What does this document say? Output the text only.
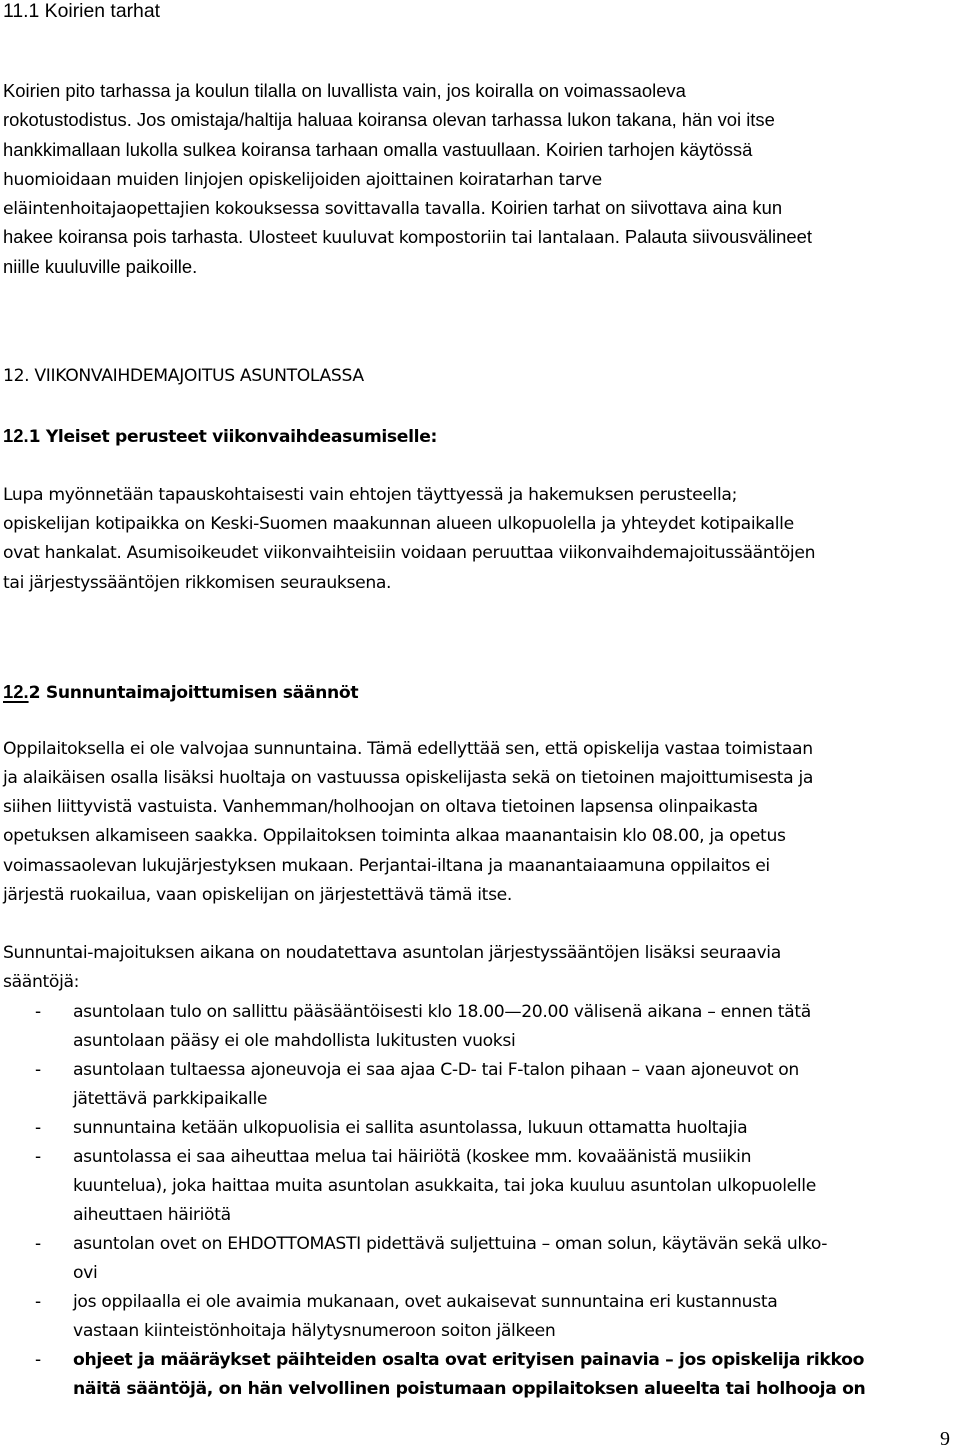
11.1 Koirien tarhat
Koirien pito tarhassa ja koulun tilalla on luvallista vain, jos koiralla on voimassaoleva
rokotustodistus. Jos omistaja/haltija haluaa koiransa olevan tarhassa lukon takana, hän voi itse
hankkimallaan lukolla sulkea koiransa tarhaan omalla vastuullaan. Koirien tarhojen käytössä
huomioidaan muiden linjojen opiskelijoiden ajoittainen koiratarhan tarve
eläintenhoitajaopettajien kokouksessa sovittavalla tavalla. Koirien tarhat on siivottava aina kun
hakee koiransa pois tarhasta. Ulosteet kuuluvat kompostoriin tai lantalaan. Palauta siivousvälineet
niille kuuluville paikoille.
12. VIIKONVAIHDEMAJOITUS ASUNTOLASSA
12.1 Yleiset perusteet viikonvaihdeasumiselle:
Lupa myönnetään tapauskohtaisesti vain ehtojen täyttyessä ja hakemuksen perusteella;
opiskelijan kotipaikka on Keski-Suomen maakunnan alueen ulkopuolella ja yhteydet kotipaikalle
ovat hankalat. Asumisoikeudet viikonvaihteisiin voidaan peruuttaa viikonvaihdemajoitussääntöjen
tai järjestyssääntöjen rikkomisen seurauksena.
12.2 Sunnuntaimajoittumisen säännöt
Oppilaitoksella ei ole valvojaa sunnuntaina. Tämä edellyttää sen, että opiskelija vastaa toimistaan
ja alaikäisen osalla lisäksi huoltaja on vastuussa opiskelijasta sekä on tietoinen majoittumisesta ja
siihen liittyvistä vastuista. Vanhemman/holhoojan on oltava tietoinen lapsensa olinpaikasta
opetuksen alkamiseen saakka. Oppilaitoksen toiminta alkaa maanantaisin klo 08.00, ja opetus
voimassaolevan lukujärjestyksen mukaan. Perjantai-iltana ja maanantaiaamuna oppilaitos ei
järjestä ruokailua, vaan opiskelijan on järjestettävä tämä itse.
Sunnuntai-majoituksen aikana on noudatettava asuntolan järjestyssääntöjen lisäksi seuraavia
sääntöjä:
- asuntolaan tulo on sallittu pääsääntöisesti klo 18.00—20.00 välisenä aikana – ennen tätä
asuntolaan pääsy ei ole mahdollista lukitusten vuoksi
- asuntolaan tultaessa ajoneuvoja ei saa ajaa C-D- tai F-talon pihaan – vaan ajoneuvot on
jätettävä parkkipaikalle
- sunnuntaina ketään ulkopuolisia ei sallita asuntolassa, lukuun ottamatta huoltajia
- asuntolassa ei saa aiheuttaa melua tai häiriötä (koskee mm. kovaäänistä musiikin
kuuntelua), joka haittaa muita asuntolan asukkaita, tai joka kuuluu asuntolan ulkopuolelle
aiheuttaen häiriötä
- asuntolan ovet on EHDOTTOMASTI pidettävä suljettuina – oman solun, käytävän sekä ulko-
ovi
- jos oppilaalla ei ole avaimia mukanaan, ovet aukaisevat sunnuntaina eri kustannusta
vastaan kiinteistönhoitaja hälytysnumeroon soiton jälkeen
- ohjeet ja määräykset päihteiden osalta ovat erityisen painavia – jos opiskelija rikkoo
näitä sääntöjä, on hän velvollinen poistumaan oppilaitoksen alueelta tai holhooja on
9
